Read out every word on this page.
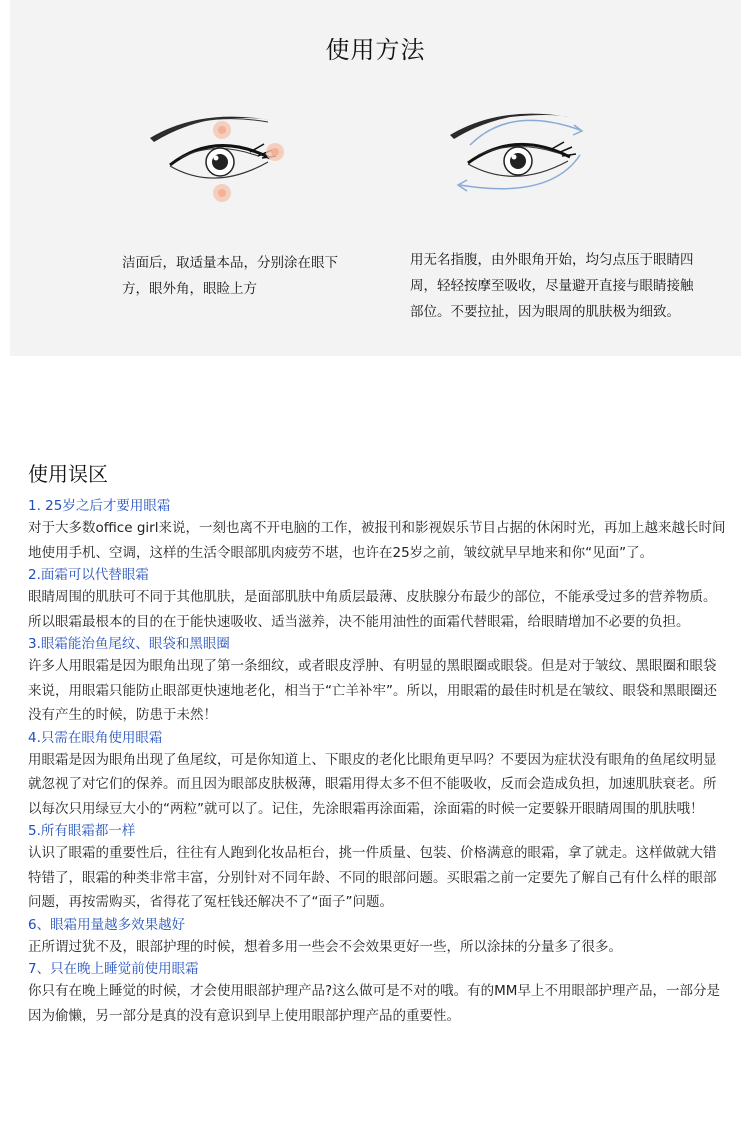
使用方法
洁面后，取适量本品，分别涂在眼下方，眼外角，眼睑上方
用无名指腹，由外眼角开始，均匀点压于眼睛四周，轻轻按摩至吸收，尽量避开直接与眼睛接触部位。不要拉扯，因为眼周的肌肤极为细致。
使用误区
1. 25岁之后才要用眼霜
对于大多数office girl来说，一刻也离不开电脑的工作，被报刊和影视娱乐节目占据的休闲时光，再加上越来越长时间地使用手机、空调，这样的生活令眼部肌肉疲劳不堪，也许在25岁之前，皱纹就早早地来和你“见面”了。
2.面霜可以代替眼霜
眼睛周围的肌肤可不同于其他肌肤，是面部肌肤中角质层最薄、皮肤腺分布最少的部位，不能承受过多的营养物质。所以眼霜最根本的目的在于能快速吸收、适当滋养，决不能用油性的面霜代替眼霜，给眼睛增加不必要的负担。
3.眼霜能治鱼尾纹、眼袋和黑眼圈
许多人用眼霜是因为眼角出现了第一条细纹，或者眼皮浮肿、有明显的黑眼圈或眼袋。但是对于皱纹、黑眼圈和眼袋来说，用眼霜只能防止眼部更快速地老化，相当于“亡羊补牢”。所以，用眼霜的最佳时机是在皱纹、眼袋和黑眼圈还没有产生的时候，防患于未然！
4.只需在眼角使用眼霜
用眼霜是因为眼角出现了鱼尾纹，可是你知道上、下眼皮的老化比眼角更早吗？不要因为症状没有眼角的鱼尾纹明显就忽视了对它们的保养。而且因为眼部皮肤极薄，眼霜用得太多不但不能吸收，反而会造成负担，加速肌肤衰老。所以每次只用绿豆大小的“两粒”就可以了。记住，先涂眼霜再涂面霜，涂面霜的时候一定要躲开眼睛周围的肌肤哦！
5.所有眼霜都一样
认识了眼霜的重要性后，往往有人跑到化妆品柜台，挑一件质量、包装、价格满意的眼霜，拿了就走。这样做就大错特错了，眼霜的种类非常丰富，分别针对不同年龄、不同的眼部问题。买眼霜之前一定要先了解自己有什么样的眼部问题，再按需购买，省得花了冤枉钱还解决不了“面子”问题。
6、眼霜用量越多效果越好
正所谓过犹不及，眼部护理的时候，想着多用一些会不会效果更好一些，所以涂抹的分量多了很多。
7、只在晚上睡觉前使用眼霜
你只有在晚上睡觉的时候，才会使用眼部护理产品?这么做可是不对的哦。有的MM早上不用眼部护理产品，一部分是因为偷懒，另一部分是真的没有意识到早上使用眼部护理产品的重要性。
